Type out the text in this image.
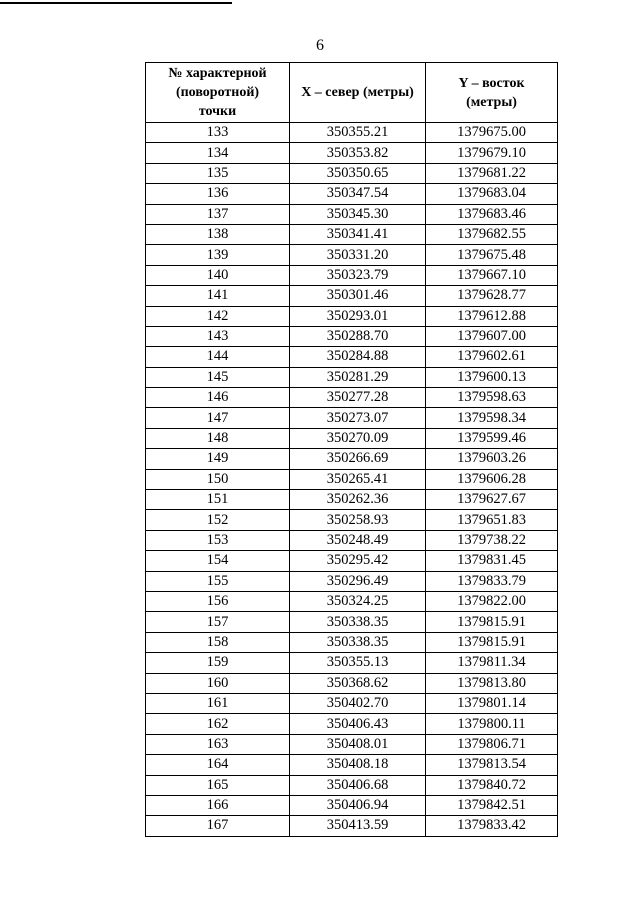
6
№ характерной
(поворотной)
точки	X – север (метры)	Y – восток
(метры)

133	350355.21	1379675.00
134	350353.82	1379679.10
135	350350.65	1379681.22
136	350347.54	1379683.04
137	350345.30	1379683.46
138	350341.41	1379682.55
139	350331.20	1379675.48
140	350323.79	1379667.10
141	350301.46	1379628.77
142	350293.01	1379612.88
143	350288.70	1379607.00
144	350284.88	1379602.61
145	350281.29	1379600.13
146	350277.28	1379598.63
147	350273.07	1379598.34
148	350270.09	1379599.46
149	350266.69	1379603.26
150	350265.41	1379606.28
151	350262.36	1379627.67
152	350258.93	1379651.83
153	350248.49	1379738.22
154	350295.42	1379831.45
155	350296.49	1379833.79
156	350324.25	1379822.00
157	350338.35	1379815.91
158	350338.35	1379815.91
159	350355.13	1379811.34
160	350368.62	1379813.80
161	350402.70	1379801.14
162	350406.43	1379800.11
163	350408.01	1379806.71
164	350408.18	1379813.54
165	350406.68	1379840.72
166	350406.94	1379842.51
167	350413.59	1379833.42
